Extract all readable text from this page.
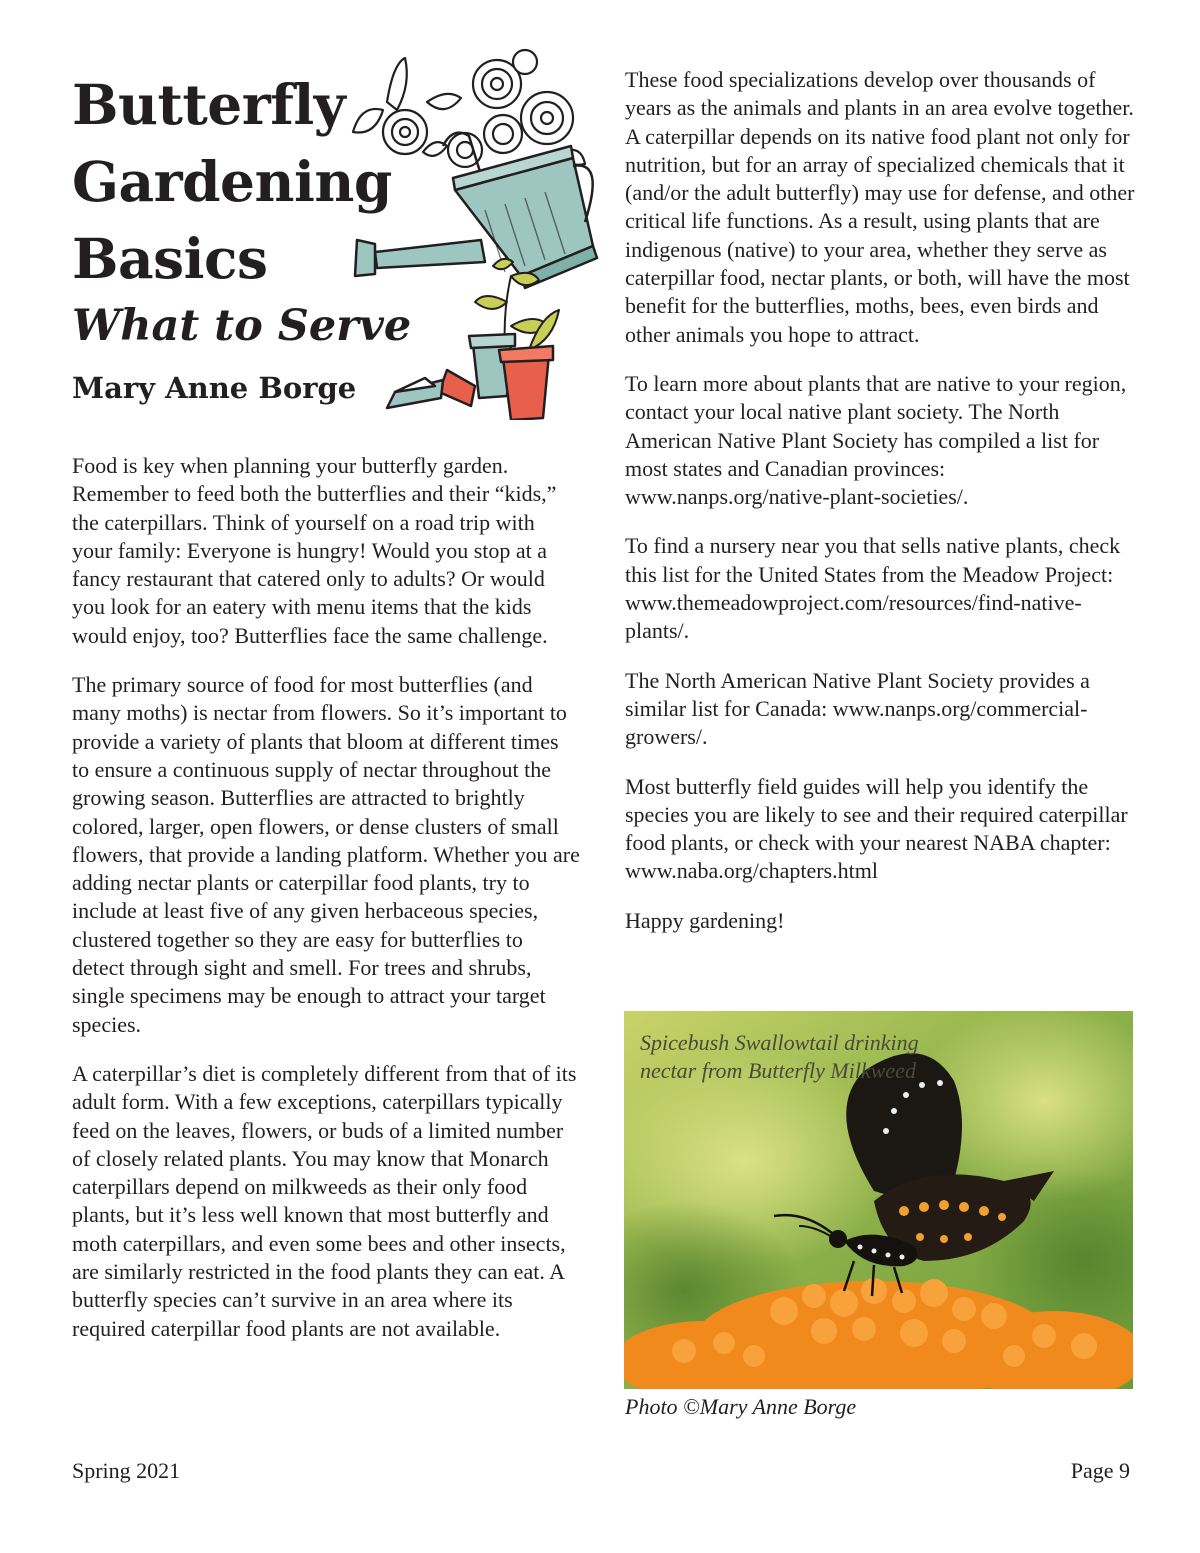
Butterfly
Gardening
Basics
What to Serve
Mary Anne Borge

Food is key when planning your butterfly garden. Remember to feed both the butterflies and their “kids,” the caterpillars. Think of yourself on a road trip with your family: Everyone is hungry! Would you stop at a fancy restaurant that catered only to adults? Or would you look for an eatery with menu items that the kids would enjoy, too? Butterflies face the same challenge.

The primary source of food for most butterflies (and many moths) is nectar from flowers. So it’s important to provide a variety of plants that bloom at different times to ensure a continuous supply of nectar throughout the growing season. Butterflies are attracted to brightly colored, larger, open flowers, or dense clusters of small flowers, that provide a landing platform. Whether you are adding nectar plants or caterpillar food plants, try to include at least five of any given herbaceous species, clustered together so they are easy for butterflies to detect through sight and smell. For trees and shrubs, single specimens may be enough to attract your target species.

A caterpillar’s diet is completely different from that of its adult form. With a few exceptions, caterpillars typically feed on the leaves, flowers, or buds of a limited number of closely related plants. You may know that Monarch caterpillars depend on milkweeds as their only food plants, but it’s less well known that most butterfly and moth caterpillars, and even some bees and other insects, are similarly restricted in the food plants they can eat. A butterfly species can’t survive in an area where its required caterpillar food plants are not available.

These food specializations develop over thousands of years as the animals and plants in an area evolve together. A caterpillar depends on its native food plant not only for nutrition, but for an array of specialized chemicals that it (and/or the adult butterfly) may use for defense, and other critical life functions. As a result, using plants that are indigenous (native) to your area, whether they serve as caterpillar food, nectar plants, or both, will have the most benefit for the butterflies, moths, bees, even birds and other animals you hope to attract.

To learn more about plants that are native to your region, contact your local native plant society. The North American Native Plant Society has compiled a list for most states and Canadian provinces: www.nanps.org/native-plant-societies/.

To find a nursery near you that sells native plants, check this list for the United States from the Meadow Project: www.themeadowproject.com/resources/find-native-plants/.

The North American Native Plant Society provides a similar list for Canada: www.nanps.org/commercial-growers/.

Most butterfly field guides will help you identify the species you are likely to see and their required caterpillar food plants, or check with your nearest NABA chapter: www.naba.org/chapters.html

Happy gardening!

Spicebush Swallowtail drinking nectar from Butterfly Milkweed
Photo ©Mary Anne Borge
Spring 2021	Page 9
